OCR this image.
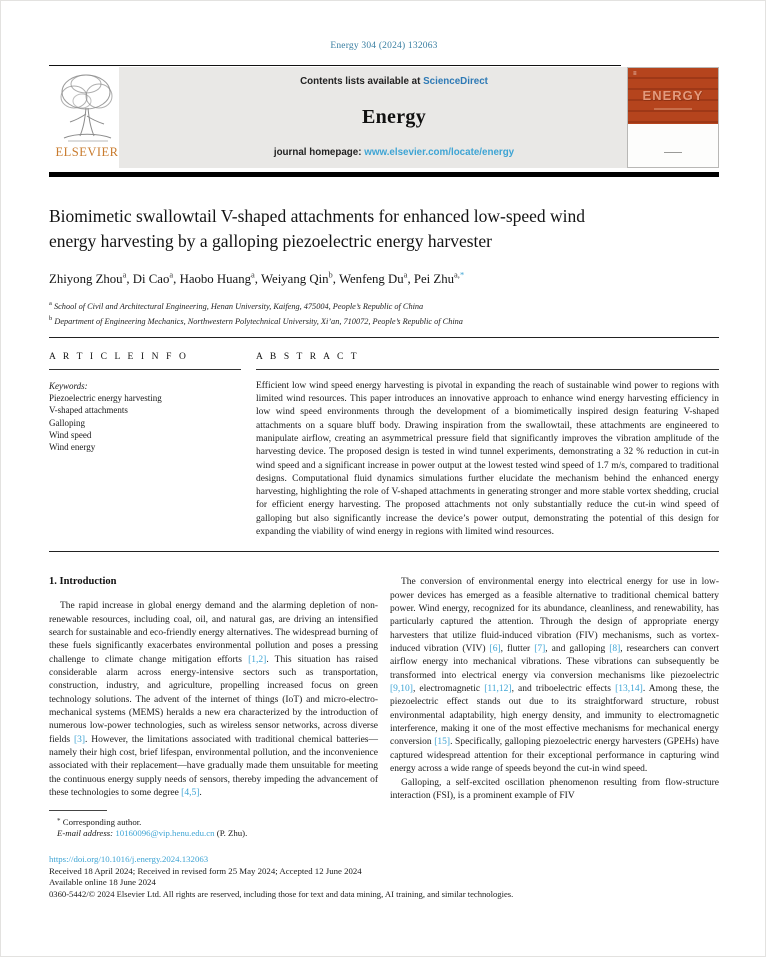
Energy 304 (2024) 132063
Contents lists available at ScienceDirect
Energy
journal homepage: www.elsevier.com/locate/energy
ELSEVIER
≡
ENERGY
Biomimetic swallowtail V-shaped attachments for enhanced low-speed wind energy harvesting by a galloping piezoelectric energy harvester
Zhiyong Zhou$^a$, Di Cao$^a$, Haobo Huang$^a$, Weiyang Qin$^b$, Wenfeng Du$^a$, Pei Zhu$^{a,*}$
$^a$ School of Civil and Architectural Engineering, Henan University, Kaifeng, 475004, People’s Republic of China
$^b$ Department of Engineering Mechanics, Northwestern Polytechnical University, Xi’an, 710072, People’s Republic of China
A R T I C L E I N F O
Keywords:
Piezoelectric energy harvesting
V-shaped attachments
Galloping
Wind speed
Wind energy
A B S T R A C T
Efficient low wind speed energy harvesting is pivotal in expanding the reach of sustainable wind power to regions with limited wind resources. This paper introduces an innovative approach to enhance wind energy harvesting efficiency in low wind speed environments through the development of a biomimetically inspired design featuring V-shaped attachments on a square bluff body. Drawing inspiration from the swallowtail, these attachments are engineered to manipulate airflow, creating an asymmetrical pressure field that significantly improves the vibration amplitude of the harvesting device. The proposed design is tested in wind tunnel experiments, demonstrating a 32 % reduction in cut-in wind speed and a significant increase in power output at the lowest tested wind speed of 1.7 m/s, compared to traditional designs. Computational fluid dynamics simulations further elucidate the mechanism behind the enhanced energy harvesting, highlighting the role of V-shaped attachments in generating stronger and more stable vortex shedding, crucial for efficient energy harvesting. The proposed attachments not only substantially reduce the cut-in wind speed of galloping but also significantly increase the device’s power output, demonstrating the potential of this design for expanding the viability of wind energy in regions with limited wind resources.
1. Introduction

The rapid increase in global energy demand and the alarming depletion of non-renewable resources, including coal, oil, and natural gas, are driving an intensified search for sustainable and eco-friendly energy alternatives. The widespread burning of these fuels significantly exacerbates environmental pollution and poses a pressing challenge to climate change mitigation efforts [1,2]. This situation has raised considerable alarm across energy-intensive sectors such as transportation, construction, industry, and agriculture, propelling increased focus on green technology solutions. The advent of the internet of things (IoT) and micro-electro-mechanical systems (MEMS) heralds a new era characterized by the introduction of numerous low-power technologies, such as wireless sensor networks, across diverse fields [3]. However, the limitations associated with traditional chemical batteries—namely their high cost, brief lifespan, environmental pollution, and the inconvenience associated with their replacement—have gradually made them unsuitable for meeting the continuous energy supply needs of sensors, thereby impeding the advancement of these technologies to some degree [4,5].

* Corresponding author.
E-mail address: 10160096@vip.henu.edu.cn (P. Zhu).

The conversion of environmental energy into electrical energy for use in low-power devices has emerged as a feasible alternative to traditional chemical battery power. Wind energy, recognized for its abundance, cleanliness, and renewability, has particularly captured the attention. Through the design of appropriate energy harvesters that utilize fluid-induced vibration (FIV) mechanisms, such as vortex-induced vibration (VIV) [6], flutter [7], and galloping [8], researchers can convert airflow energy into mechanical vibrations. These vibrations can subsequently be transformed into electrical energy via conversion mechanisms like piezoelectric [9,10], electromagnetic [11,12], and triboelectric effects [13,14]. Among these, the piezoelectric effect stands out due to its straightforward structure, robust environmental adaptability, high energy density, and immunity to electromagnetic interference, making it one of the most effective mechanisms for mechanical energy conversion [15]. Specifically, galloping piezoelectric energy harvesters (GPEHs) have captured widespread attention for their exceptional performance in capturing wind energy across a wide range of speeds beyond the cut-in wind speed.

Galloping, a self-excited oscillation phenomenon resulting from flow-structure interaction (FSI), is a prominent example of FIV

https://doi.org/10.1016/j.energy.2024.132063
Received 18 April 2024; Received in revised form 25 May 2024; Accepted 12 June 2024
Available online 18 June 2024
0360-5442/© 2024 Elsevier Ltd. All rights are reserved, including those for text and data mining, AI training, and similar technologies.
